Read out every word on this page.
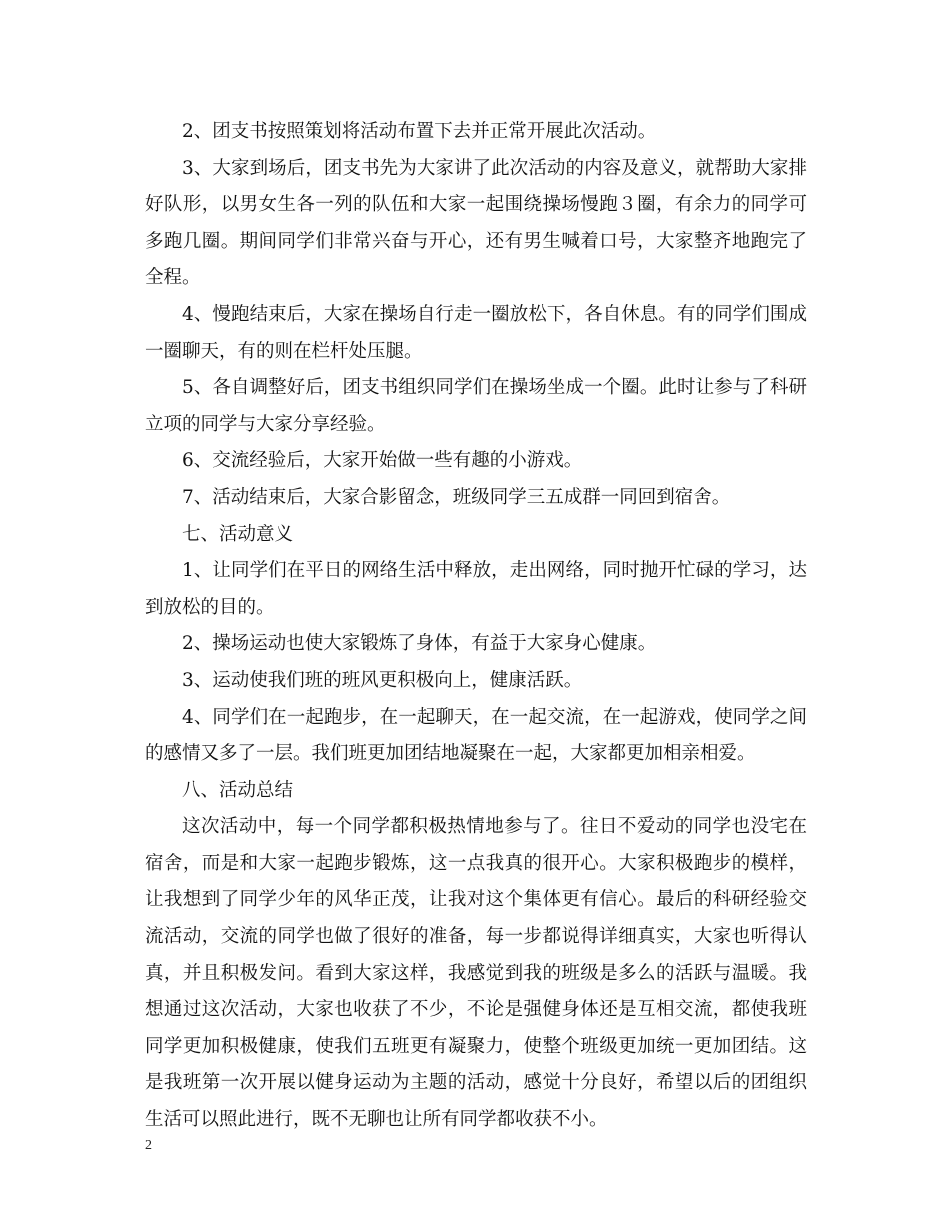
2、团支书按照策划将活动布置下去并正常开展此次活动。

3、大家到场后，团支书先为大家讲了此次活动的内容及意义，就帮助大家排好队形，以男女生各一列的队伍和大家一起围绕操场慢跑３圈，有余力的同学可多跑几圈。期间同学们非常兴奋与开心，还有男生喊着口号，大家整齐地跑完了全程。

4、慢跑结束后，大家在操场自行走一圈放松下，各自休息。有的同学们围成一圈聊天，有的则在栏杆处压腿。

5、各自调整好后，团支书组织同学们在操场坐成一个圈。此时让参与了科研立项的同学与大家分享经验。

6、交流经验后，大家开始做一些有趣的小游戏。

7、活动结束后，大家合影留念，班级同学三五成群一同回到宿舍。

七、活动意义

1、让同学们在平日的网络生活中释放，走出网络，同时抛开忙碌的学习，达到放松的目的。

2、操场运动也使大家锻炼了身体，有益于大家身心健康。

3、运动使我们班的班风更积极向上，健康活跃。

4、同学们在一起跑步，在一起聊天，在一起交流，在一起游戏，使同学之间的感情又多了一层。我们班更加团结地凝聚在一起，大家都更加相亲相爱。

八、活动总结

这次活动中，每一个同学都积极热情地参与了。往日不爱动的同学也没宅在宿舍，而是和大家一起跑步锻炼，这一点我真的很开心。大家积极跑步的模样，让我想到了同学少年的风华正茂，让我对这个集体更有信心。最后的科研经验交流活动，交流的同学也做了很好的准备，每一步都说得详细真实，大家也听得认真，并且积极发问。看到大家这样，我感觉到我的班级是多么的活跃与温暖。我想通过这次活动，大家也收获了不少，不论是强健身体还是互相交流，都使我班同学更加积极健康，使我们五班更有凝聚力，使整个班级更加统一更加团结。这是我班第一次开展以健身运动为主题的活动，感觉十分良好，希望以后的团组织生活可以照此进行，既不无聊也让所有同学都收获不小。

2
